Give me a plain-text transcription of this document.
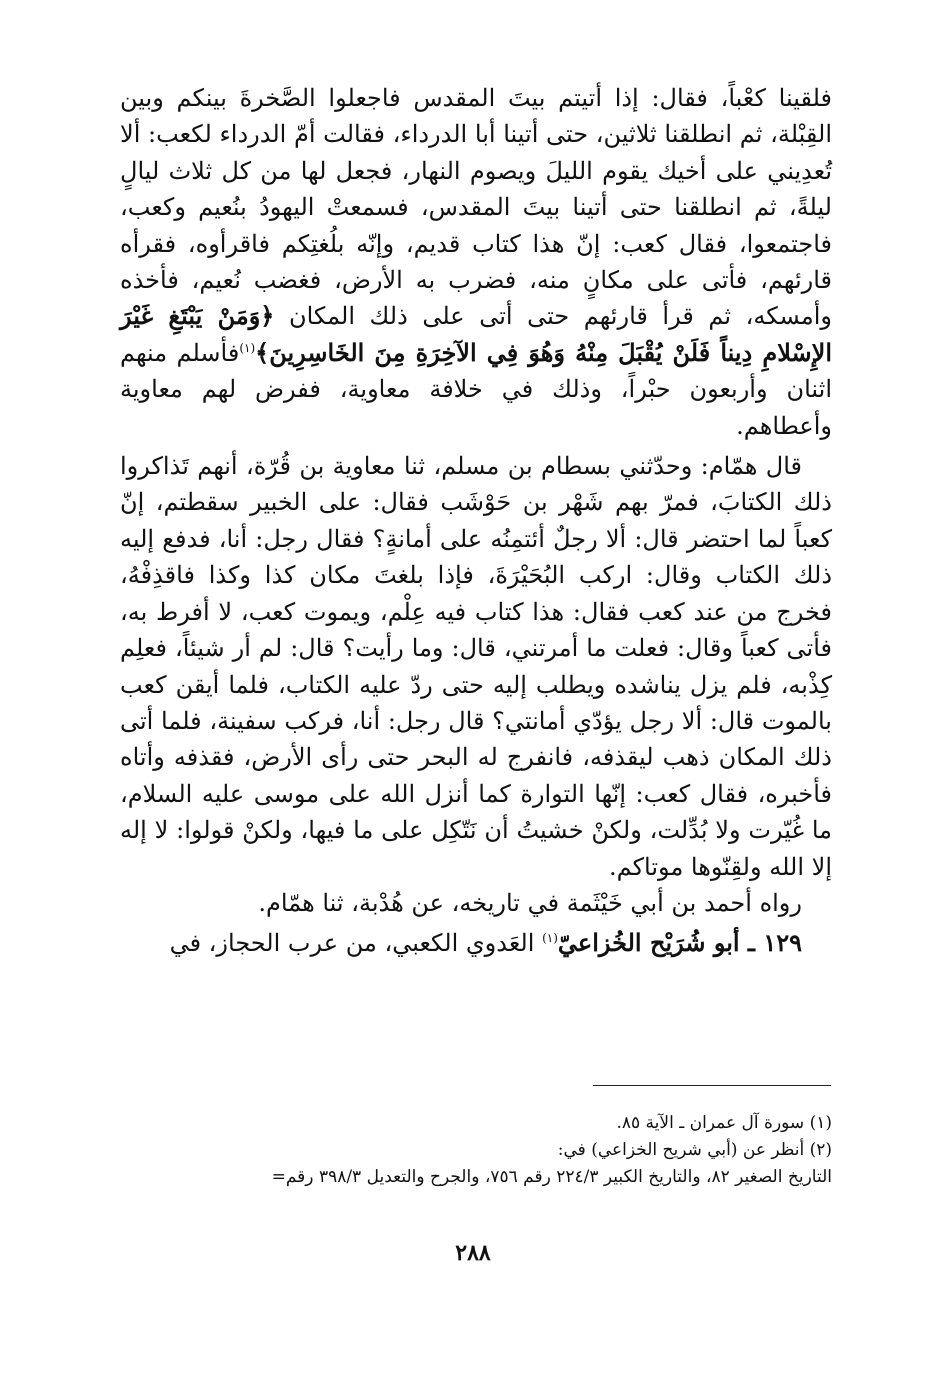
فلقينا كعْباً، فقال: إذا أتيتم بيتَ المقدس فاجعلوا الصَّخرةَ بينكم وبين القِبْلة، ثم انطلقنا ثلاثين، حتى أتينا أبا الدرداء، فقالت أمّ الدرداء لكعب: ألا تُعدِيني على أخيك يقوم الليلَ ويصوم النهار، فجعل لها من كل ثلاث ليالٍ ليلةً، ثم انطلقنا حتى أتينا بيتَ المقدس، فسمعتْ اليهودُ بنُعيم وكعب، فاجتمعوا، فقال كعب: إنّ هذا كتاب قديم، وإنّه بلُغتِكم فاقرأوه، فقرأه قارئهم، فأتى على مكانٍ منه، فضرب به الأرض، فغضب نُعيم، فأخذه وأمسكه، ثم قرأ قارئهم حتى أتى على ذلك المكان ﴿وَمَنْ يَبْتَغِ غَيْرَ الإِسْلامِ دِيناً فَلَنْ يُقْبَلَ مِنْهُ وَهُوَ فِي الآخِرَةِ مِنَ الخَاسِرِينَ﴾$^{(١)}$فأسلم منهم اثنان وأربعون حبْراً، وذلك في خلافة معاوية، ففرض لهم معاوية وأعطاهم.

قال همّام: وحدّثني بسطام بن مسلم، ثنا معاوية بن قُرّة، أنهم تَذاكروا ذلك الكتابَ، فمرّ بهم شَهْر بن حَوْشَب فقال: على الخبير سقطتم، إنّ كعباً لما احتضر قال: ألا رجلٌ أئتمِنُه على أمانةٍ؟ فقال رجل: أنا، فدفع إليه ذلك الكتاب وقال: اركب البُحَيْرَةَ، فإذا بلغتَ مكان كذا وكذا فاقذِفْهُ، فخرج من عند كعب فقال: هذا كتاب فيه عِلْم، ويموت كعب، لا أفرط به، فأتى كعباً وقال: فعلت ما أمرتني، قال: وما رأيت؟ قال: لم أر شيئاً، فعلِم كِذْبه، فلم يزل يناشده ويطلب إليه حتى ردّ عليه الكتاب، فلما أيقن كعب بالموت قال: ألا رجل يؤدّي أمانتي؟ قال رجل: أنا، فركب سفينة، فلما أتى ذلك المكان ذهب ليقذفه، فانفرج له البحر حتى رأى الأرض، فقذفه وأتاه فأخبره، فقال كعب: إنّها التوارة كما أنزل الله على موسى عليه السلام، ما غُيّرت ولا بُدِّلت، ولكنْ خشيتُ أن نَتّكِل على ما فيها، ولكنْ قولوا: لا إله إلا الله ولقِنّوها موتاكم.

رواه أحمد بن أبي خَيْثَمة في تاريخه، عن هُدْبة، ثنا همّام.

١٢٩ ـ أبو شُرَيْح الخُزاعيّ$^{(١)}$ العَدوي الكعبي، من عرب الحجاز، في

(١) سورة آل عمران ـ الآية ٨٥.

(٢) أنظر عن (أبي شريح الخزاعي) في:

التاريخ الصغير ٨٢، والتاريخ الكبير ٢٢٤/٣ رقم ٧٥٦، والجرح والتعديل ٣٩٨/٣ رقم=

٢٨٨
